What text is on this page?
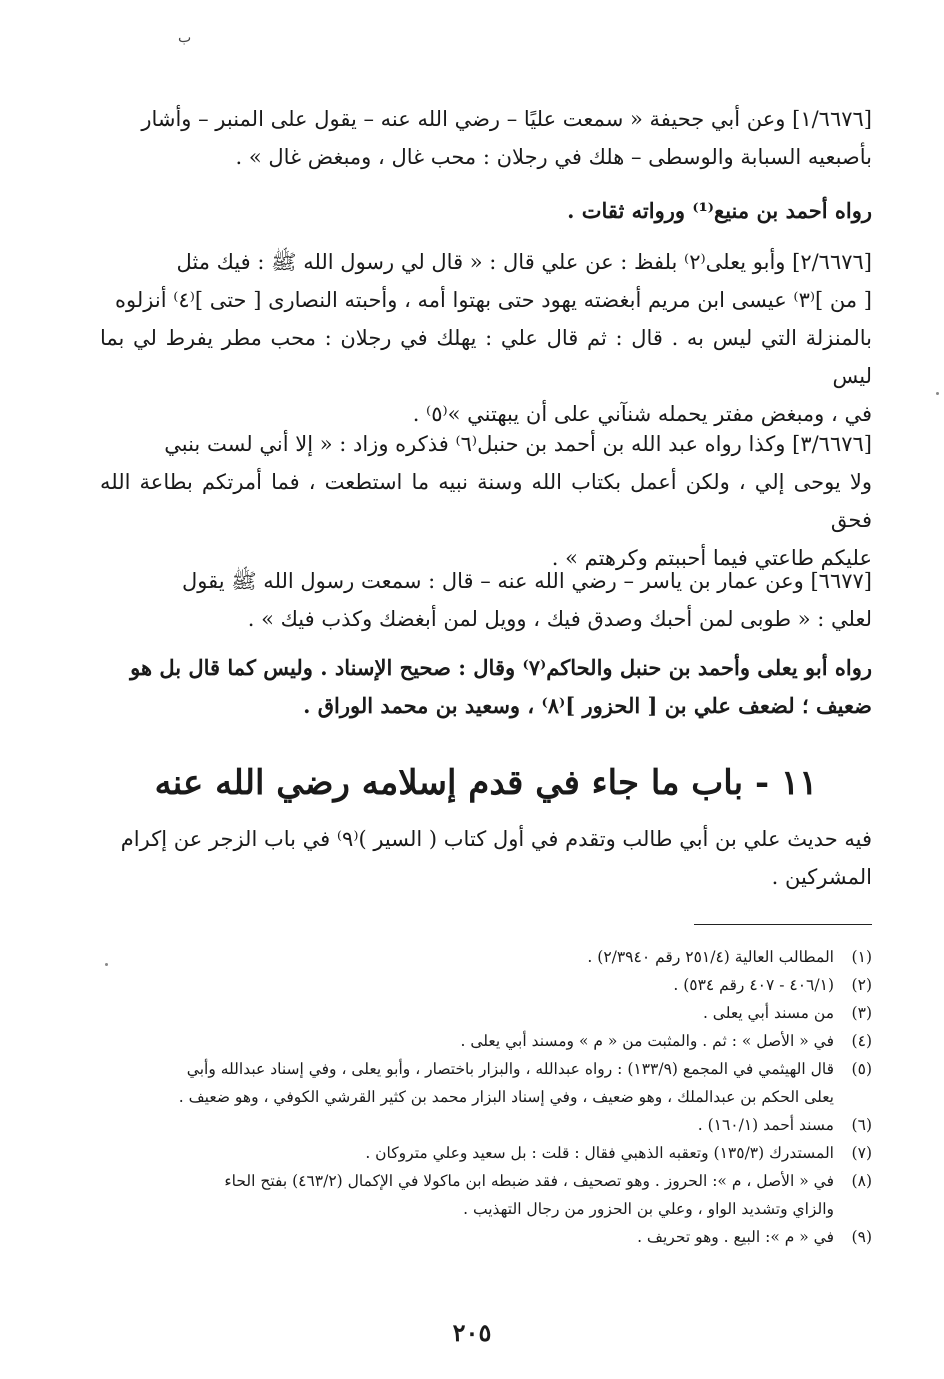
ب

[١/٦٦٧٦] وعن أبي جحيفة « سمعت عليًا – رضي الله عنه – يقول على المنبر – وأشار

بأصبعيه السبابة والوسطى – هلك في رجلان : محب غال ، ومبغض غال » .

رواه أحمد بن منيع⁽¹⁾ ورواته ثقات .

[٢/٦٦٧٦] وأبو يعلى⁽٢⁾ بلفظ : عن علي قال : « قال لي رسول الله ﷺ : فيك مثل

[ من ]⁽٣⁾ عيسى ابن مريم أبغضته يهود حتى بهتوا أمه ، وأحبته النصارى [ حتى ]⁽٤⁾ أنزلوه

بالمنزلة التي ليس به . قال : ثم قال علي : يهلك في رجلان : محب مطر يفرط لي بما ليس

في ، ومبغض مفتر يحمله شنآني على أن يبهتني »⁽٥⁾ .

[٣/٦٦٧٦] وكذا رواه عبد الله بن أحمد بن حنبل⁽٦⁾ فذكره وزاد : « إلا أني لست بنبي

ولا يوحى إلي ، ولكن أعمل بكتاب الله وسنة نبيه ما استطعت ، فما أمرتكم بطاعة الله فحق

عليكم طاعتي فيما أحببتم وكرهتم » .

[٦٦٧٧] وعن عمار بن ياسر – رضي الله عنه – قال : سمعت رسول الله ﷺ يقول

لعلي : « طوبى لمن أحبك وصدق فيك ، وويل لمن أبغضك وكذب فيك » .

رواه أبو يعلى وأحمد بن حنبل والحاكم⁽٧⁾ وقال : صحيح الإسناد . وليس كما قال بل هو

ضعيف ؛ لضعف علي بن [ الحزور ]⁽٨⁾ ، وسعيد بن محمد الوراق .

١١ - باب ما جاء في قدم إسلامه رضي الله عنه

فيه حديث علي بن أبي طالب وتقدم في أول كتاب ( السير )⁽٩⁾ في باب الزجر عن إكرام

المشركين .

(١)
المطالب العالية (٢٥١/٤ رقم ٢/٣٩٤٠) .
(٢)
(٤٠٦/١ - ٤٠٧ رقم ٥٣٤) .
(٣)
من مسند أبي يعلى .
(٤)
في « الأصل » : ثم . والمثبت من « م » ومسند أبي يعلى .
(٥)
قال الهيثمي في المجمع (١٣٣/٩) : رواه عبدالله ، والبزار باختصار ، وأبو يعلى ، وفي إسناد عبدالله وأبي
يعلى الحكم بن عبدالملك ، وهو ضعيف ، وفي إسناد البزار محمد بن كثير القرشي الكوفي ، وهو ضعيف .
(٦)
مسند أحمد (١٦٠/١) .
(٧)
المستدرك (١٣٥/٣) وتعقبه الذهبي فقال : قلت : بل سعيد وعلي متروكان .
(٨)
في « الأصل ، م »: الحروز . وهو تصحيف ، فقد ضبطه ابن ماكولا في الإكمال (٤٦٣/٢) بفتح الحاء
والزاي وتشديد الواو ، وعلي بن الحزور من رجال التهذيب .
(٩)
في « م »: البيع . وهو تحريف .
٢٠٥
